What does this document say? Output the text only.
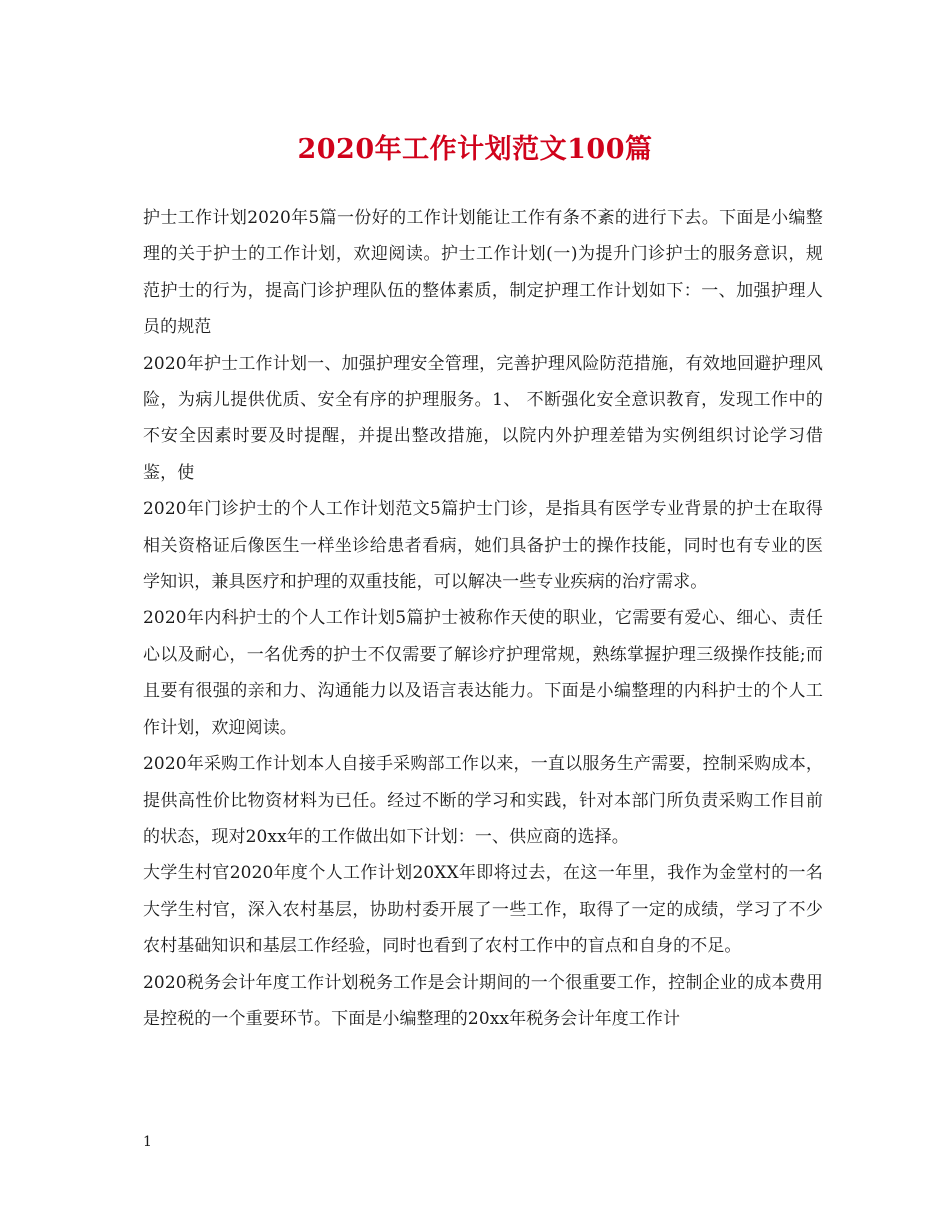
2020年工作计划范文100篇

护士工作计划2020年5篇一份好的工作计划能让工作有条不紊的进行下去。下面是小编整理的关于护士的工作计划，欢迎阅读。护士工作计划(一)为提升门诊护士的服务意识，规范护士的行为，提高门诊护理队伍的整体素质，制定护理工作计划如下：一、加强护理人员的规范

2020年护士工作计划一、加强护理安全管理，完善护理风险防范措施，有效地回避护理风险，为病儿提供优质、安全有序的护理服务。1、 不断强化安全意识教育，发现工作中的不安全因素时要及时提醒，并提出整改措施，以院内外护理差错为实例组织讨论学习借鉴，使

2020年门诊护士的个人工作计划范文5篇护士门诊，是指具有医学专业背景的护士在取得相关资格证后像医生一样坐诊给患者看病，她们具备护士的操作技能，同时也有专业的医学知识，兼具医疗和护理的双重技能，可以解决一些专业疾病的治疗需求。

2020年内科护士的个人工作计划5篇护士被称作天使的职业，它需要有爱心、细心、责任心以及耐心，一名优秀的护士不仅需要了解诊疗护理常规，熟练掌握护理三级操作技能;而且要有很强的亲和力、沟通能力以及语言表达能力。下面是小编整理的内科护士的个人工作计划，欢迎阅读。

2020年采购工作计划本人自接手采购部工作以来，一直以服务生产需要，控制采购成本，提供高性价比物资材料为已任。经过不断的学习和实践，针对本部门所负责采购工作目前的状态，现对20xx年的工作做出如下计划：一、供应商的选择。

大学生村官2020年度个人工作计划20XX年即将过去，在这一年里，我作为金堂村的一名大学生村官，深入农村基层，协助村委开展了一些工作，取得了一定的成绩，学习了不少农村基础知识和基层工作经验，同时也看到了农村工作中的盲点和自身的不足。

2020税务会计年度工作计划税务工作是会计期间的一个很重要工作，控制企业的成本费用是控税的一个重要环节。下面是小编整理的20xx年税务会计年度工作计

1
